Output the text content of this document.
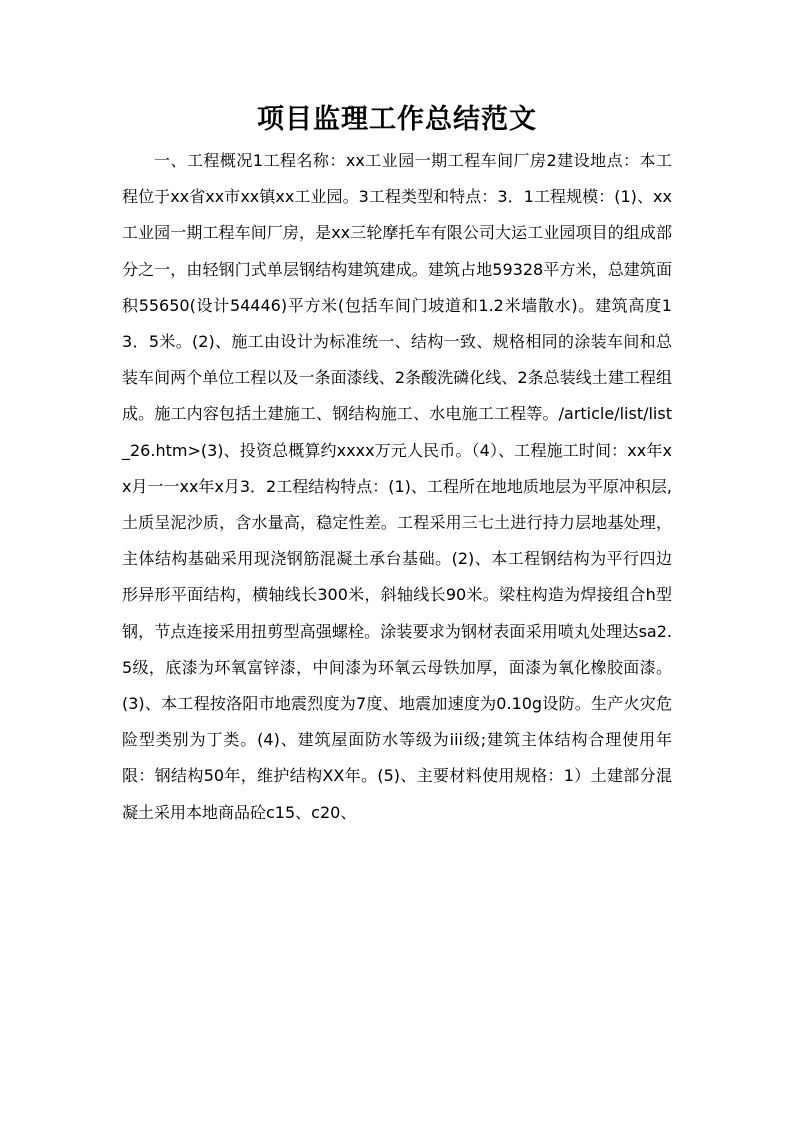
项目监理工作总结范文

一、工程概况1工程名称：xx工业园一期工程车间厂房2建设地点：本工程位于xx省xx市xx镇xx工业园。3工程类型和特点：3．1工程规模：(1)、xx工业园一期工程车间厂房，是xx三轮摩托车有限公司大运工业园项目的组成部分之一，由轻钢门式单层钢结构建筑建成。建筑占地59328平方米，总建筑面积55650(设计54446)平方米(包括车间门坡道和1.2米墙散水)。建筑高度13．5米。(2)、施工由设计为标准统一、结构一致、规格相同的涂装车间和总装车间两个单位工程以及一条面漆线、2条酸洗磷化线、2条总装线土建工程组成。施工内容包括土建施工、钢结构施工、水电施工工程等。/article/list/list_26.htm>(3)、投资总概算约xxxx万元人民币。（4）、工程施工时间：xx年xx月一一xx年x月3．2工程结构特点：(1)、工程所在地地质地层为平原冲积层,土质呈泥沙质，含水量高，稳定性差。工程采用三七土进行持力层地基处理，主体结构基础采用现浇钢筋混凝土承台基础。(2)、本工程钢结构为平行四边形异形平面结构，横轴线长300米，斜轴线长90米。梁柱构造为焊接组合h型钢，节点连接采用扭剪型高强螺栓。涂装要求为钢材表面采用喷丸处理达sa2.5级，底漆为环氧富锌漆，中间漆为环氧云母铁加厚，面漆为氧化橡胶面漆。(3)、本工程按洛阳市地震烈度为7度、地震加速度为0.10g设防。生产火灾危险型类别为丁类。(4)、建筑屋面防水等级为iii级;建筑主体结构合理使用年限：钢结构50年，维护结构XX年。(5)、主要材料使用规格：1）土建部分混凝土采用本地商品砼c15、c20、
